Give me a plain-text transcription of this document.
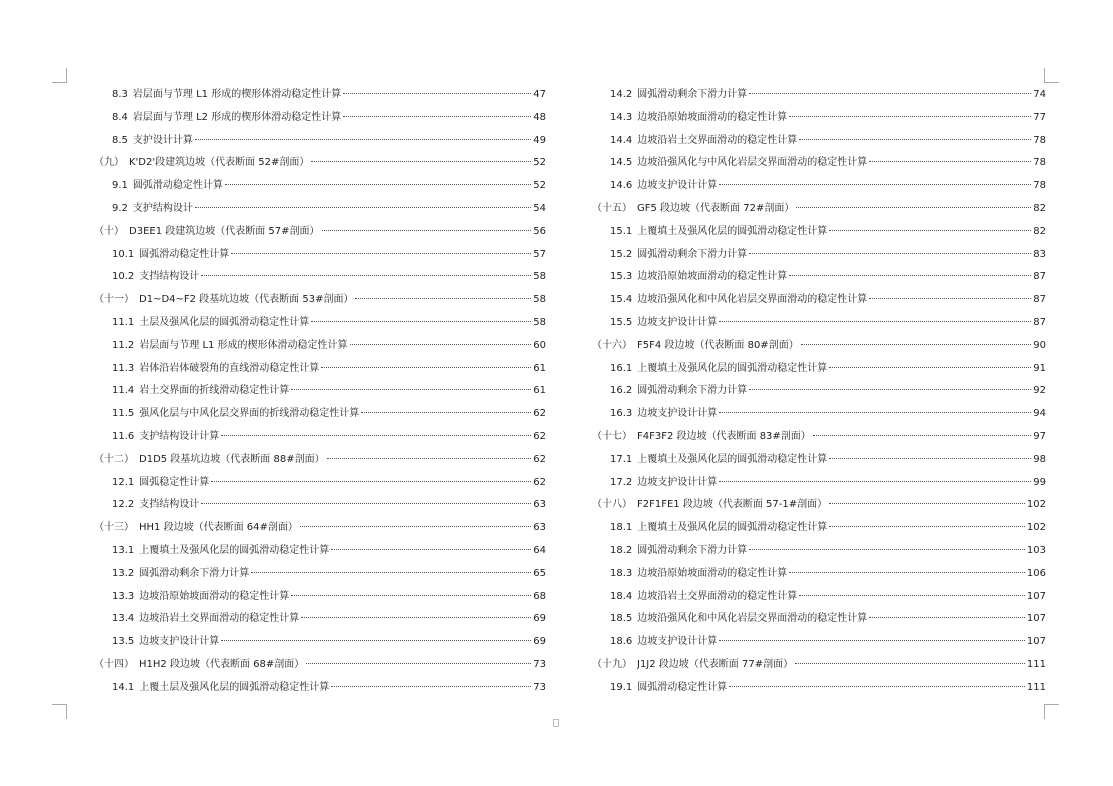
8.3 岩层面与节理 L1 形成的楔形体滑动稳定性计算	47
8.4 岩层面与节理 L2 形成的楔形体滑动稳定性计算	48
8.5 支护设计计算	49
（九） K'D2'段建筑边坡（代表断面 52#剖面）	52
9.1 圆弧滑动稳定性计算	52
9.2 支护结构设计	54
（十） D3EE1 段建筑边坡（代表断面 57#剖面）	56
10.1 圆弧滑动稳定性计算	57
10.2 支挡结构设计	58
（十一） D1~D4~F2 段基坑边坡（代表断面 53#剖面）	58
11.1 土层及强风化层的圆弧滑动稳定性计算	58
11.2 岩层面与节理 L1 形成的楔形体滑动稳定性计算	60
11.3 岩体沿岩体破裂角的直线滑动稳定性计算	61
11.4 岩土交界面的折线滑动稳定性计算	61
11.5 强风化层与中风化层交界面的折线滑动稳定性计算	62
11.6 支护结构设计计算	62
（十二） D1D5 段基坑边坡（代表断面 88#剖面）	62
12.1 圆弧稳定性计算	62
12.2 支挡结构设计	63
（十三） HH1 段边坡（代表断面 64#剖面）	63
13.1 上覆填土及强风化层的圆弧滑动稳定性计算	64
13.2 圆弧滑动剩余下滑力计算	65
13.3 边坡沿原始坡面滑动的稳定性计算	68
13.4 边坡沿岩土交界面滑动的稳定性计算	69
13.5 边坡支护设计计算	69
（十四） H1H2 段边坡（代表断面 68#剖面）	73
14.1 上覆土层及强风化层的圆弧滑动稳定性计算	73
14.2 圆弧滑动剩余下滑力计算	74
14.3 边坡沿原始坡面滑动的稳定性计算	77
14.4 边坡沿岩土交界面滑动的稳定性计算	78
14.5 边坡沿强风化与中风化岩层交界面滑动的稳定性计算	78
14.6 边坡支护设计计算	78
（十五） GF5 段边坡（代表断面 72#剖面）	82
15.1 上覆填土及强风化层的圆弧滑动稳定性计算	82
15.2 圆弧滑动剩余下滑力计算	83
15.3 边坡沿原始坡面滑动的稳定性计算	87
15.4 边坡沿强风化和中风化岩层交界面滑动的稳定性计算	87
15.5 边坡支护设计计算	87
（十六） F5F4 段边坡（代表断面 80#剖面）	90
16.1 上覆填土及强风化层的圆弧滑动稳定性计算	91
16.2 圆弧滑动剩余下滑力计算	92
16.3 边坡支护设计计算	94
（十七） F4F3F2 段边坡（代表断面 83#剖面）	97
17.1 上覆填土及强风化层的圆弧滑动稳定性计算	98
17.2 边坡支护设计计算	99
（十八） F2F1FE1 段边坡（代表断面 57-1#剖面）	102
18.1 上覆填土及强风化层的圆弧滑动稳定性计算	102
18.2 圆弧滑动剩余下滑力计算	103
18.3 边坡沿原始坡面滑动的稳定性计算	106
18.4 边坡沿岩土交界面滑动的稳定性计算	107
18.5 边坡沿强风化和中风化岩层交界面滑动的稳定性计算	107
18.6 边坡支护设计计算	107
（十九） J1J2 段边坡（代表断面 77#剖面）	111
19.1 圆弧滑动稳定性计算	111
